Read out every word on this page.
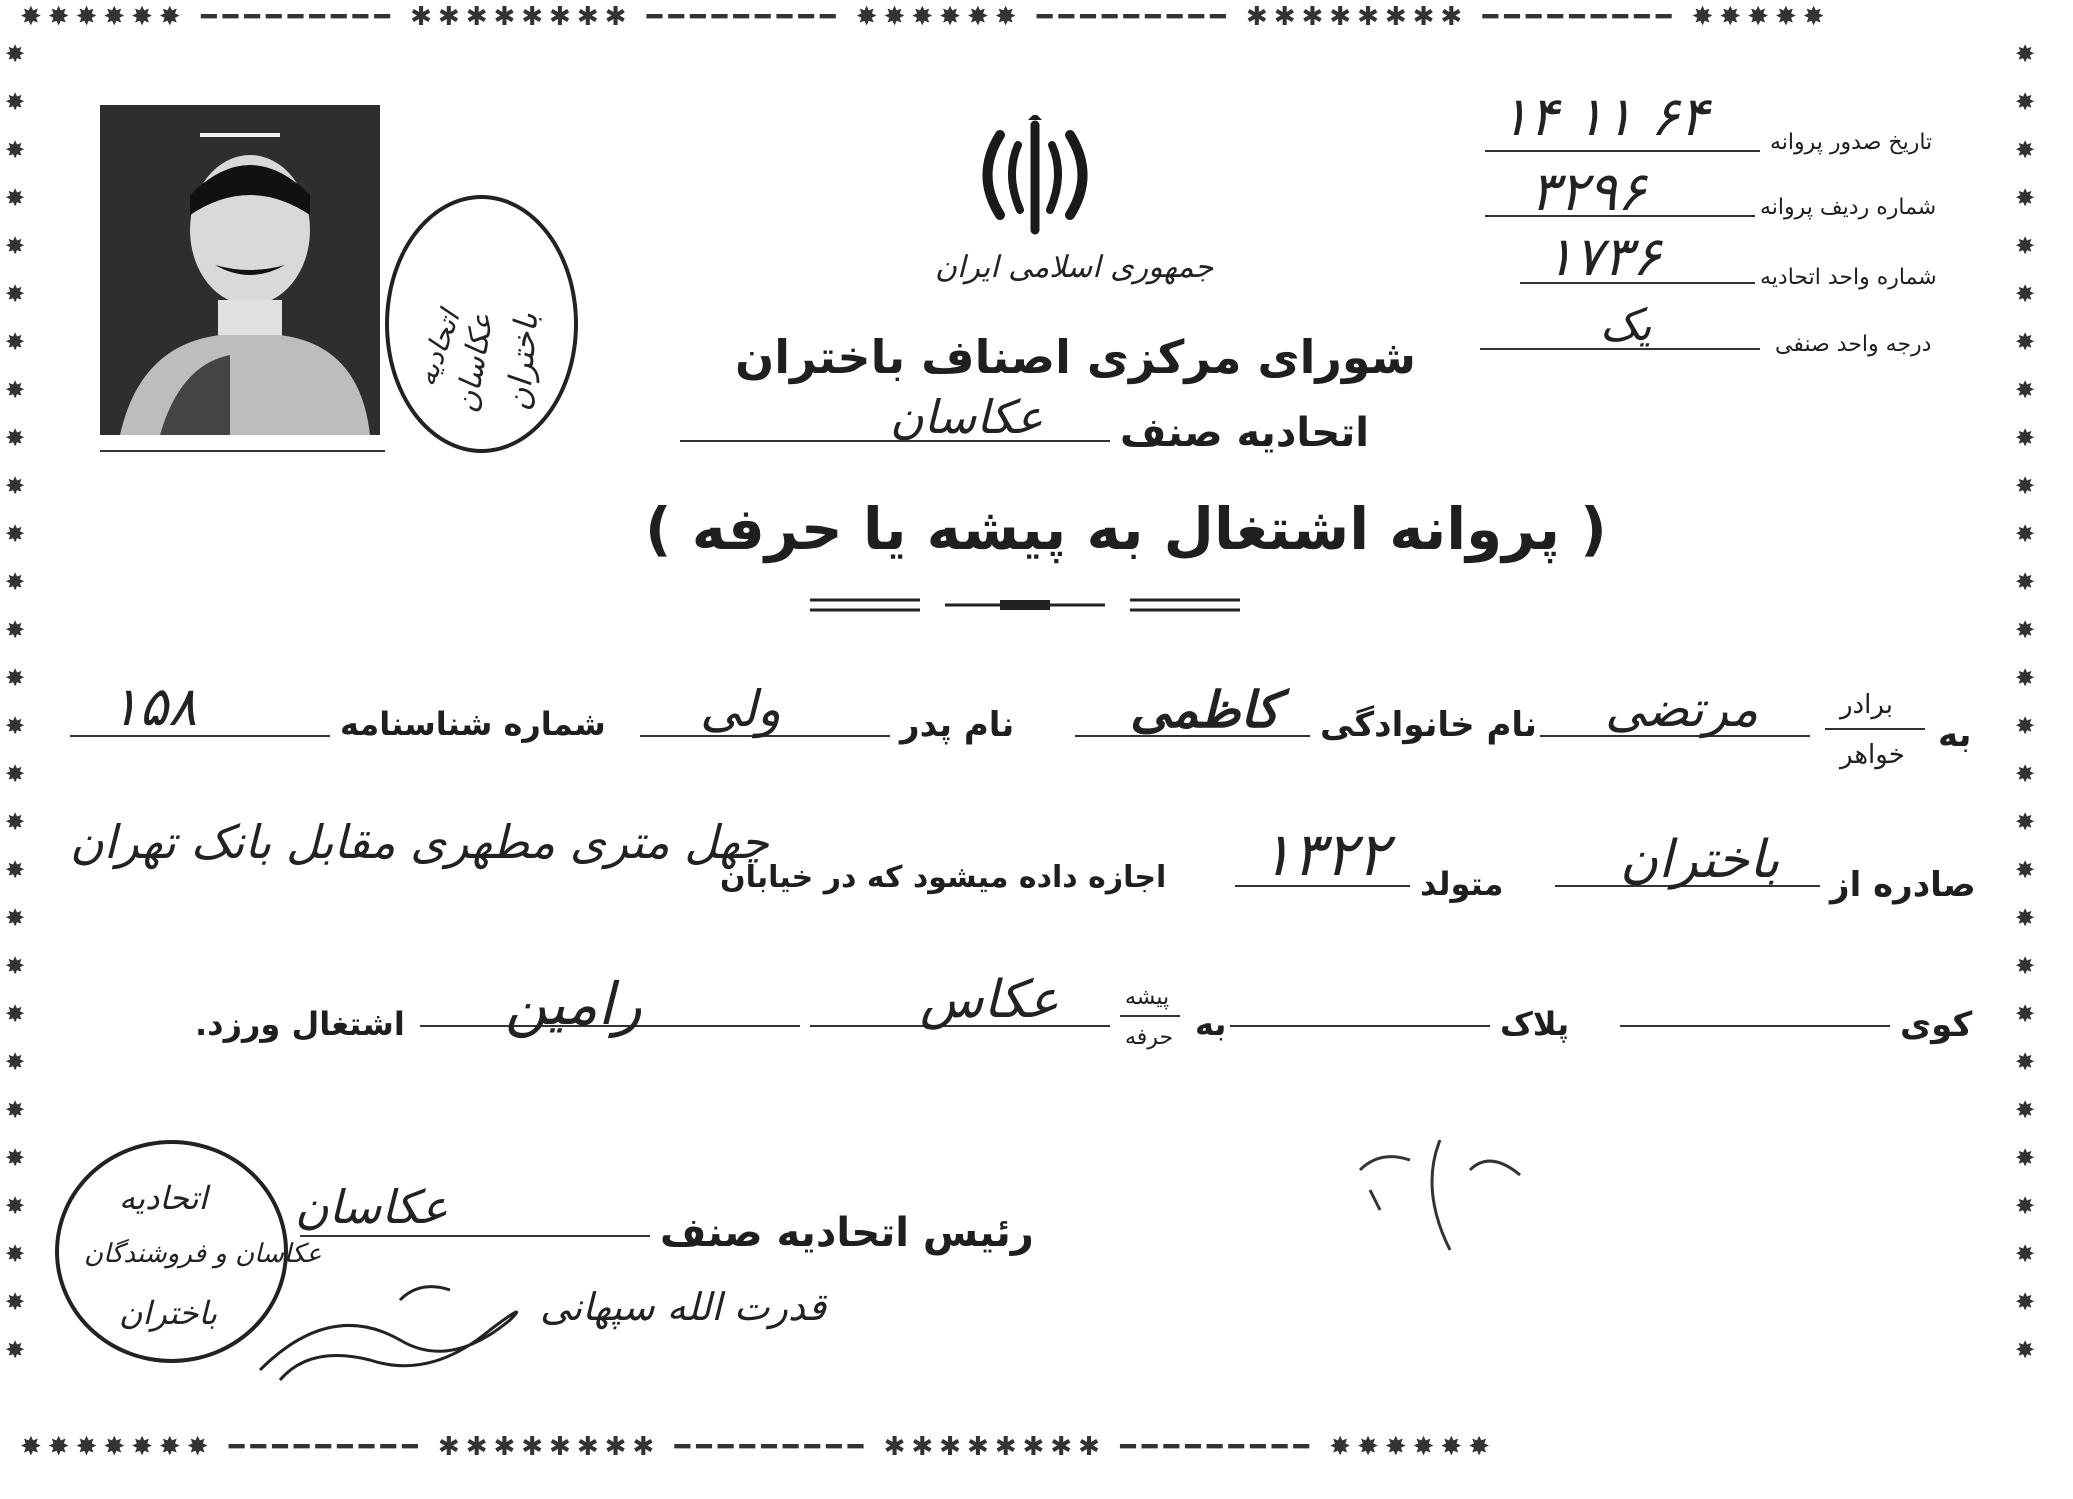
✸✸✸✸✸✸ ━━━━━━━━━ ✱✱✱✱✱✱✱✱ ━━━━━━━━━ ✸✸✸✸✸✸ ━━━━━━━━━ ✱✱✱✱✱✱✱✱ ━━━━━━━━━ ✸✸✸✸✸
✸✸✸✸✸✸✸ ━━━━━━━━━ ✱✱✱✱✱✱✱✱ ━━━━━━━━━ ✱✱✱✱✱✱✱✱ ━━━━━━━━━ ✸✸✸✸✸✸
✸
✸
✸
✸
✸
✸
✸
✸
✸
✸
✸
✸
✸
✸
✸
✸
✸
✸
✸
✸
✸
✸
✸
✸
✸
✸
✸
✸
✸
✸
✸
✸
✸
✸
✸
✸
✸
✸
✸
✸
✸
✸
✸
✸
✸
✸
✸
✸
✸
✸
✸
✸
✸
✸
✸
✸
اتحادیه
عکاسان
باختران
جمهوری اسلامی ایران
تاریخ صدور پروانه
۶۴ ۱۱ ۱۴
شماره ردیف پروانه
۳۲۹۶
شماره واحد اتحادیه
۱۷۳۶
درجه واحد صنفی
یک
شورای مرکزی اصناف باختران
اتحادیه صنف
عکاسان
( پروانه اشتغال به پیشه یا حرفه )
به
برادر
خواهر
مرتضی
نام خانوادگی
کاظمی
نام پدر
ولی
شماره شناسنامه
۱۵۸
صادره از
باختران
متولد
۱۳۲۲
اجازه داده میشود که در خیابان
چهل متری مطهری مقابل بانک تهران
کوی
پلاک
به
پیشه
حرفه
عکاس
رامین
اشتغال ورزد.
رئیس اتحادیه صنف
عکاسان
قدرت الله سپهانی
اتحادیه
عکاسان و فروشندگان
باختران
